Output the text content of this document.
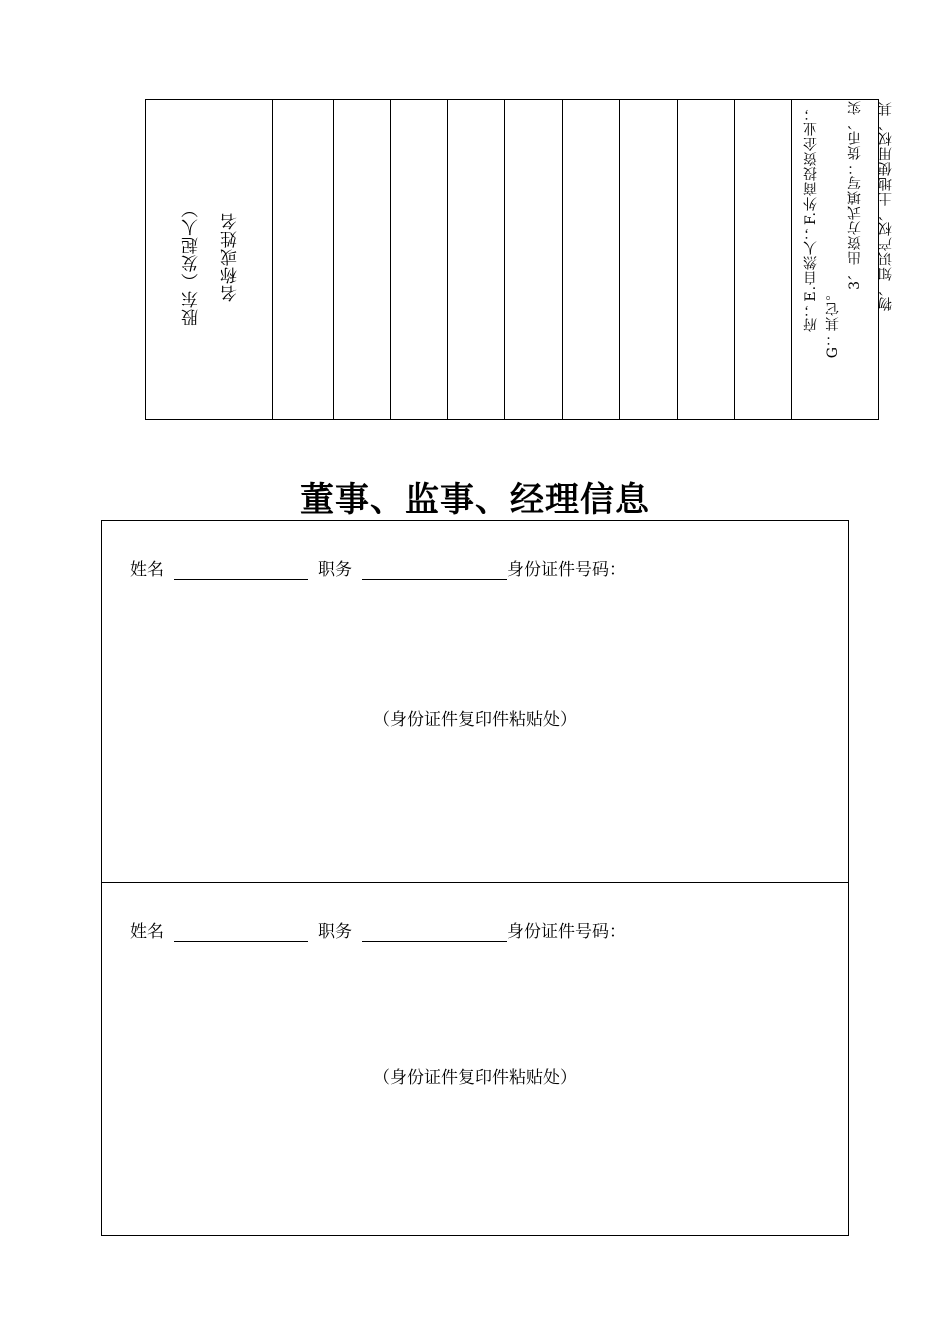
股东（发起人） 名称或姓名	府；E.自然人；F.外商投资企业； G：其它。
3、出资方式填写：货币、实 物、知识产权、土地使用权、其
董事、监事、经理信息
姓名	职务	身份证件号码：
（身份证件复印件粘贴处）
姓名	职务	身份证件号码：
（身份证件复印件粘贴处）
